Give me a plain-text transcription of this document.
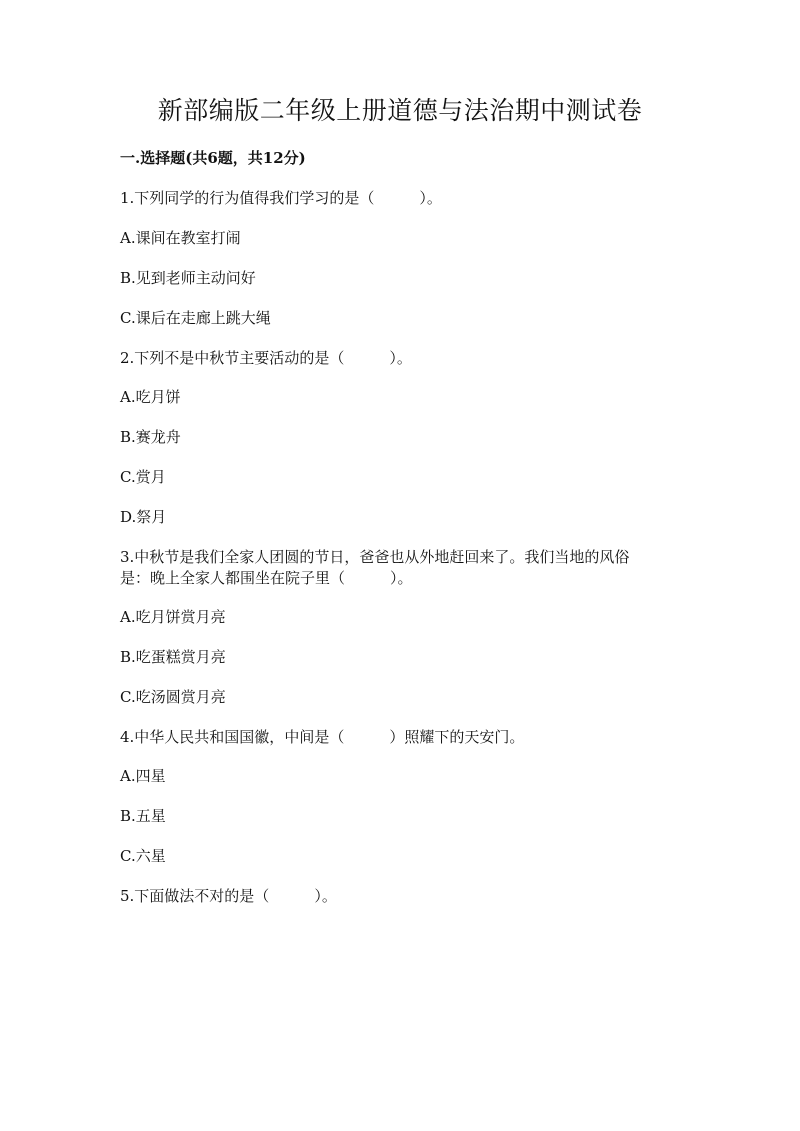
新部编版二年级上册道德与法治期中测试卷

一.选择题(共6题，共12分)

1.下列同学的行为值得我们学习的是（　　　）。

A.课间在教室打闹

B.见到老师主动问好

C.课后在走廊上跳大绳

2.下列不是中秋节主要活动的是（　　　）。

A.吃月饼

B.赛龙舟

C.赏月

D.祭月

3.中秋节是我们全家人团圆的节日，爸爸也从外地赶回来了。我们当地的风俗

是：晚上全家人都围坐在院子里（　　　）。

A.吃月饼赏月亮

B.吃蛋糕赏月亮

C.吃汤圆赏月亮

4.中华人民共和国国徽，中间是（　　　）照耀下的天安门。

A.四星

B.五星

C.六星

5.下面做法不对的是（　　　）。
